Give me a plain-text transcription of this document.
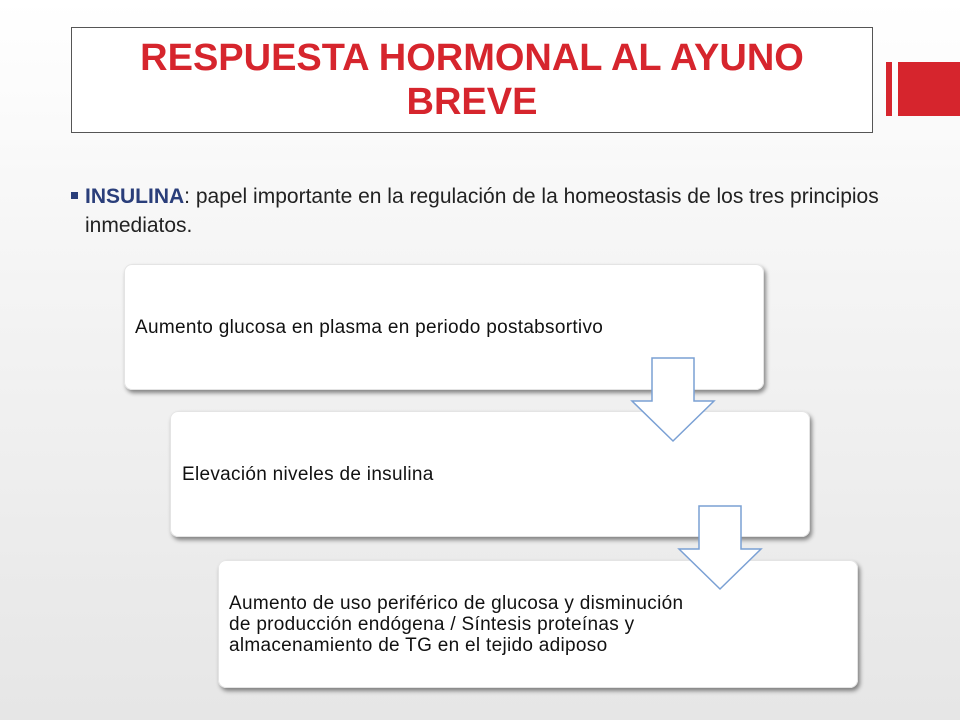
RESPUESTA HORMONAL AL AYUNO
BREVE
INSULINA: papel importante en la regulación de la homeostasis de los tres principios inmediatos.
Aumento glucosa en plasma en periodo postabsortivo
Elevación niveles de insulina
Aumento de uso periférico de glucosa y disminución de producción endógena / Síntesis proteínas y almacenamiento de TG en el tejido adiposo
